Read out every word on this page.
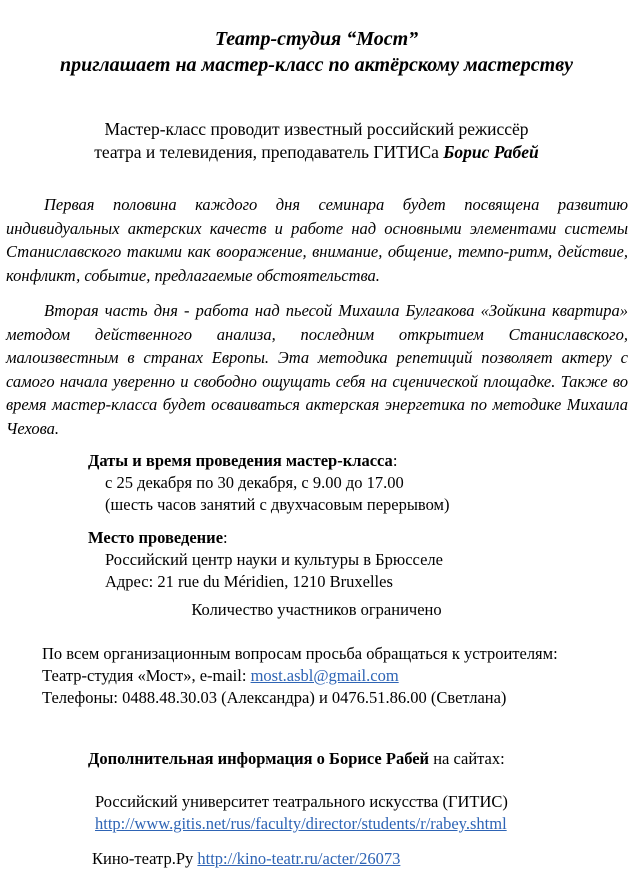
Театр-студия “Мост”
приглашает на мастер-класс по актёрскому мастерству
Мастер-класс проводит известный российский режиссёр
театра и телевидения, преподаватель ГИТИСа Борис Рабей

Первая половина каждого дня семинара будет посвящена развитию индивидуальных актерских качеств и работе над основными элементами системы Станиславского такими как вооражение, внимание, общение, темпо-ритм, действие, конфликт, событие, предлагаемые обстоятельства.

Вторая часть дня - работа над пьесой Михаила Булгакова «Зойкина квартира» методом действенного анализа, последним открытием Станиславского, малоизвестным в странах Европы. Эта методика репетиций позволяет актеру с самого начала уверенно и свободно ощущать себя на сценической площадке. Также во время мастер-класса будет осваиваться актерская энергетика по методике Михаила Чехова.

Даты и время проведения мастер-класса:
с 25 декабря по 30 декабря, с 9.00 до 17.00
(шесть часов занятий с двухчасовым перерывом)
Место проведение:
Российский центр науки и культуры в Брюсселе
Адрес: 21 rue du Méridien, 1210 Bruxelles
Количество участников ограничено
По всем организационным вопросам просьба обращаться к устроителям:
Театр-студия «Мост», e-mail: most.asbl@gmail.com
Телефоны: 0488.48.30.03 (Александра) и 0476.51.86.00 (Светлана)
Дополнительная информация о Борисе Рабей на сайтах:
Российский университет театрального искусства (ГИТИС)
http://www.gitis.net/rus/faculty/director/students/r/rabey.shtml
Кино-театр.Ру http://kino-teatr.ru/acter/26073
